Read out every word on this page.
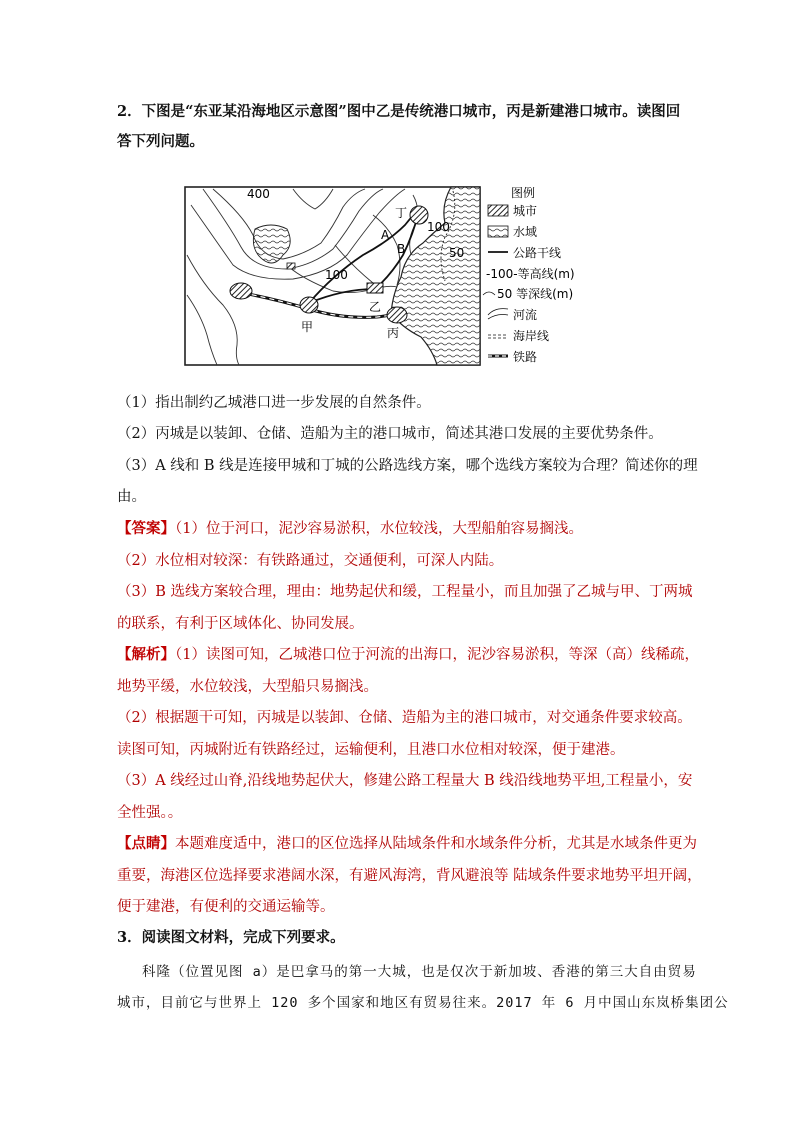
2．下图是“东亚某沿海地区示意图”图中乙是传统港口城市，丙是新建港口城市。读图回
答下列问题。
400
100
100
50
A
B
丁
甲
乙
丙
图例
城市
水域
公路干线
-100-等高线(m)
50 等深线(m)
河流
海岸线
铁路
（1）指出制约乙城港口进一步发展的自然条件。
（2）丙城是以装卸、仓储、造船为主的港口城市，简述其港口发展的主要优势条件。
（3）A 线和 B 线是连接甲城和丁城的公路选线方案，哪个选线方案较为合理？简述你的理
由。
【答案】（1）位于河口，泥沙容易淤积，水位较浅，大型船舶容易搁浅。
（2）水位相对较深：有铁路通过，交通便利，可深人内陆。
（3）B 选线方案较合理，理由：地势起伏和缓，工程量小，而且加强了乙城与甲、丁两城
的联系，有利于区域体化、协同发展。
【解析】（1）读图可知，乙城港口位于河流的出海口，泥沙容易淤积，等深（高）线稀疏，
地势平缓，水位较浅，大型船只易搁浅。
（2）根据题干可知，丙城是以装卸、仓储、造船为主的港口城市，对交通条件要求较高。
读图可知，丙城附近有铁路经过，运输便利，且港口水位相对较深，便于建港。
（3）A 线经过山脊,沿线地势起伏大，修建公路工程量大 B 线沿线地势平坦,工程量小，安
全性强。。
【点睛】本题难度适中，港口的区位选择从陆域条件和水域条件分析，尤其是水域条件更为
重要，海港区位选择要求港阔水深，有避风海湾，背风避浪等 陆域条件要求地势平坦开阔，
便于建港，有便利的交通运输等。
3．阅读图文材料，完成下列要求。
科隆（位置见图 a）是巴拿马的第一大城，也是仅次于新加坡、香港的第三大自由贸易
城市，目前它与世界上 120 多个国家和地区有贸易往来。2017 年 6 月中国山东岚桥集团公
